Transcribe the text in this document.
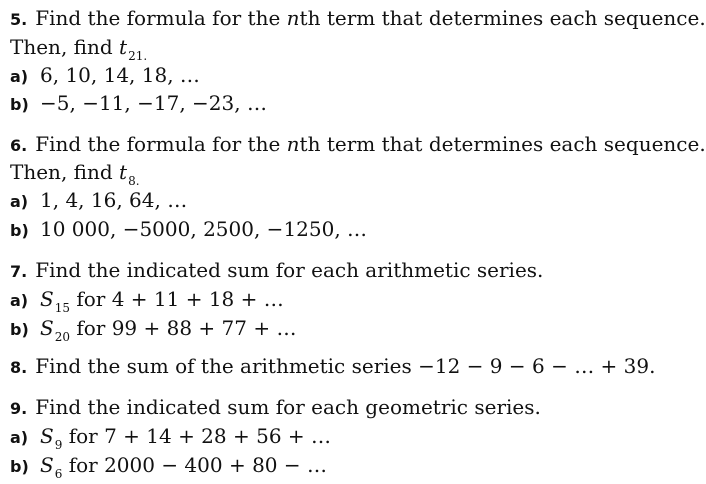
5. Find the formula for the nth term that determines each sequence.
Then, find $t_{21.}$
a) 6, 10, 14, 18, …
b) −5, −11, −17, −23, …
6. Find the formula for the nth term that determines each sequence.
Then, find $t_{8.}$
a) 1, 4, 16, 64, …
b) 10 000, −5000, 2500, −1250, …
7. Find the indicated sum for each arithmetic series.
a) $S_{15}$ for 4 + 11 + 18 + …
b) $S_{20}$ for 99 + 88 + 77 + …
8. Find the sum of the arithmetic series −12 − 9 − 6 − … + 39.
9. Find the indicated sum for each geometric series.
a) $S_9$ for 7 + 14 + 28 + 56 + …
b) $S_6$ for 2000 − 400 + 80 − …
